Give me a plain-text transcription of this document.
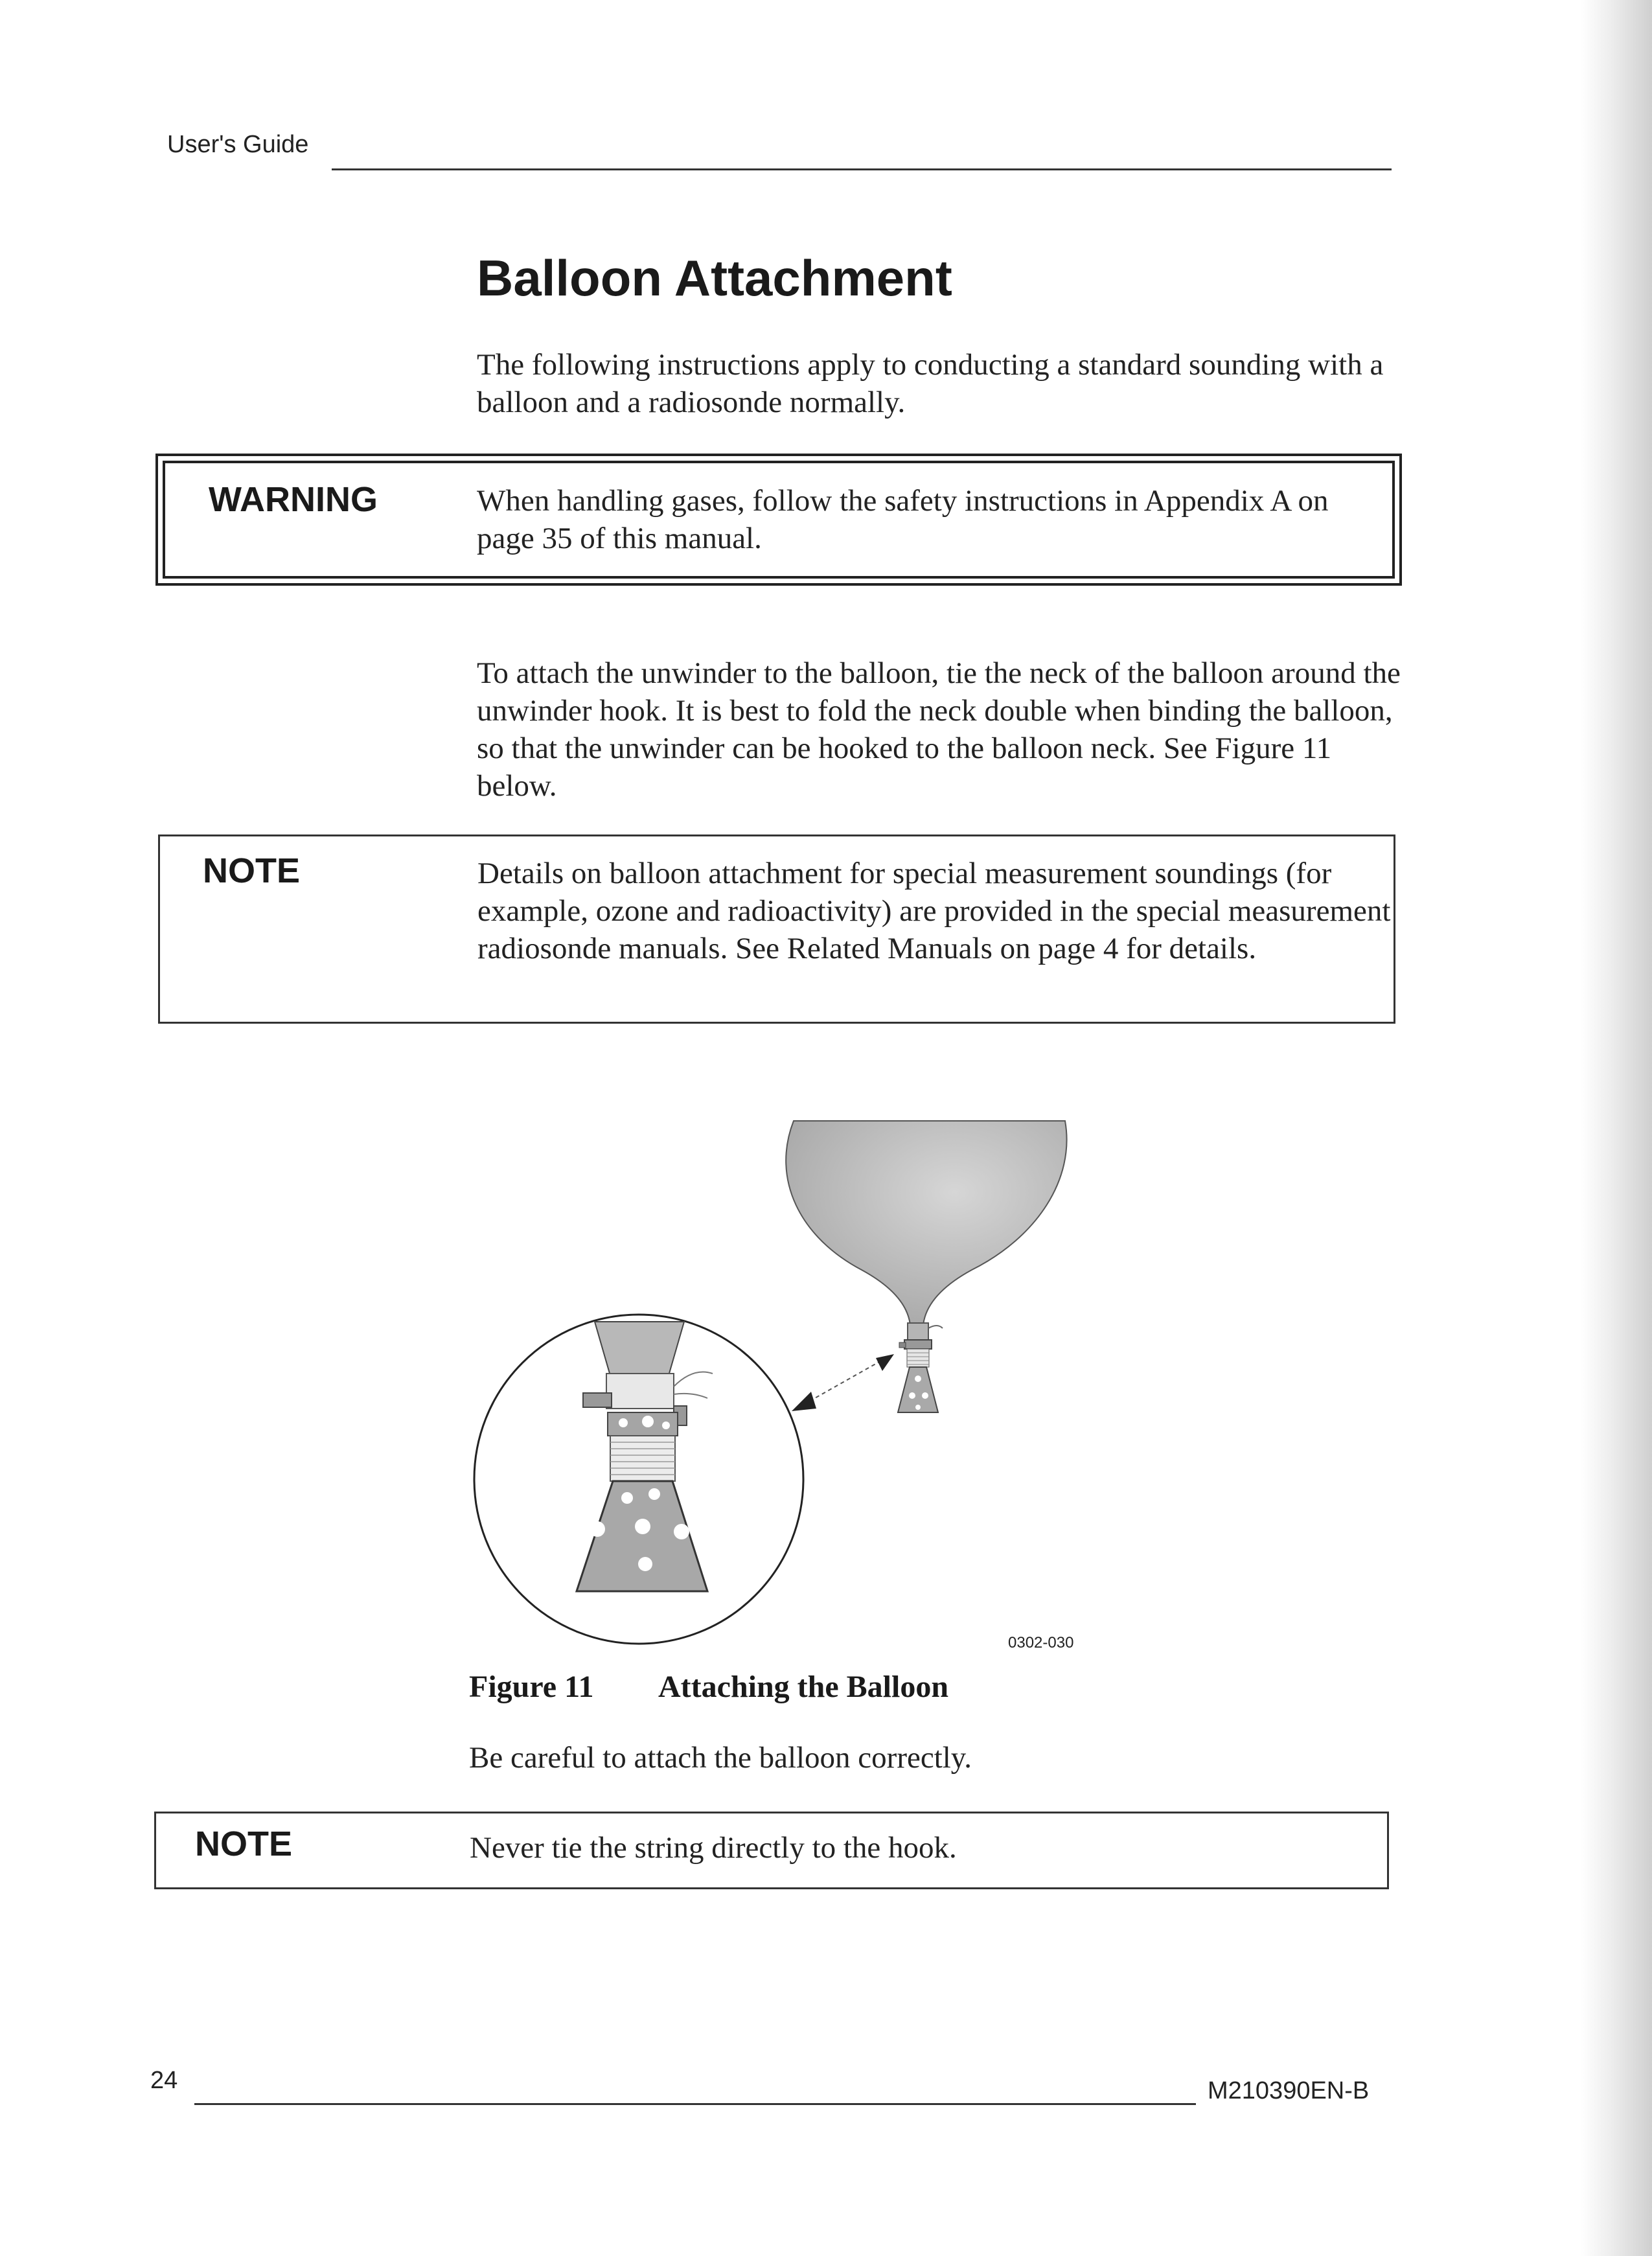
User's Guide
Balloon Attachment

The following instructions apply to conducting a standard sounding with a balloon and a radiosonde normally.

WARNING	When handling gases, follow the safety instructions in Appendix A on page 35 of this manual.

To attach the unwinder to the balloon, tie the neck of the balloon around the unwinder hook. It is best to fold the neck double when binding the balloon, so that the unwinder can be hooked to the balloon neck. See Figure 11 below.

NOTE	Details on balloon attachment for special measurement soundings (for example, ozone and radioactivity) are provided in the special measurement radiosonde manuals. See Related Manuals on page 4 for details.
0302-030
Figure 11 Attaching the Balloon

Be careful to attach the balloon correctly.

NOTE	Never tie the string directly to the hook.
24	M210390EN-B
